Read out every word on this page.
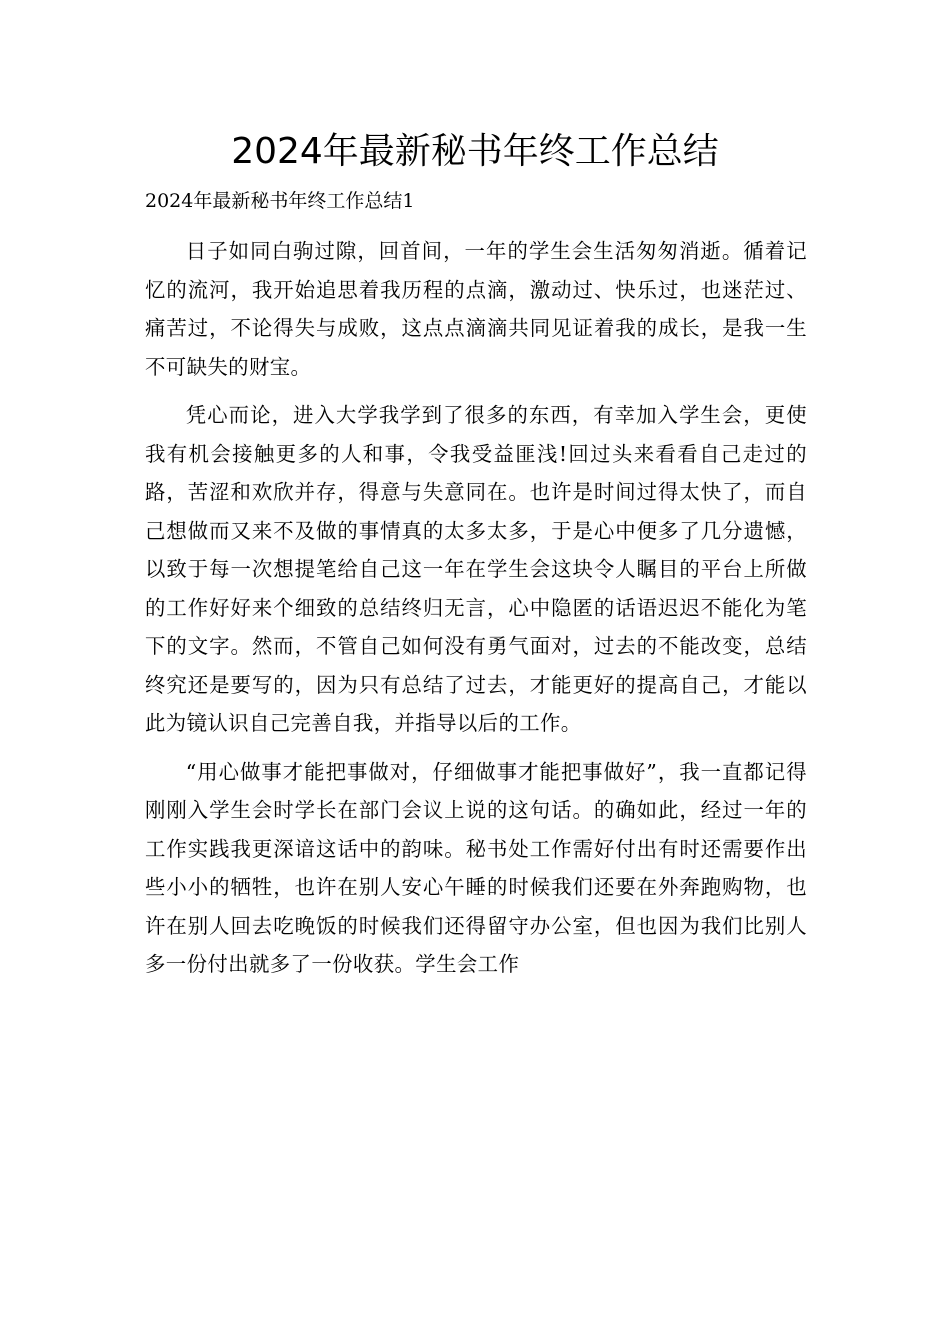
2024年最新秘书年终工作总结

2024年最新秘书年终工作总结1

日子如同白驹过隙，回首间，一年的学生会生活匆匆消逝。循着记忆的流河，我开始追思着我历程的点滴，激动过、快乐过，也迷茫过、痛苦过，不论得失与成败，这点点滴滴共同见证着我的成长，是我一生不可缺失的财宝。

凭心而论，进入大学我学到了很多的东西，有幸加入学生会，更使我有机会接触更多的人和事，令我受益匪浅!回过头来看看自己走过的路，苦涩和欢欣并存，得意与失意同在。也许是时间过得太快了，而自己想做而又来不及做的事情真的太多太多，于是心中便多了几分遗憾，以致于每一次想提笔给自己这一年在学生会这块令人瞩目的平台上所做的工作好好来个细致的总结终归无言，心中隐匿的话语迟迟不能化为笔下的文字。然而，不管自己如何没有勇气面对，过去的不能改变，总结终究还是要写的，因为只有总结了过去，才能更好的提高自己，才能以此为镜认识自己完善自我，并指导以后的工作。

“用心做事才能把事做对，仔细做事才能把事做好”，我一直都记得刚刚入学生会时学长在部门会议上说的这句话。的确如此，经过一年的工作实践我更深谙这话中的韵味。秘书处工作需好付出有时还需要作出些小小的牺牲，也许在别人安心午睡的时候我们还要在外奔跑购物，也许在别人回去吃晚饭的时候我们还得留守办公室，但也因为我们比别人多一份付出就多了一份收获。学生会工作
